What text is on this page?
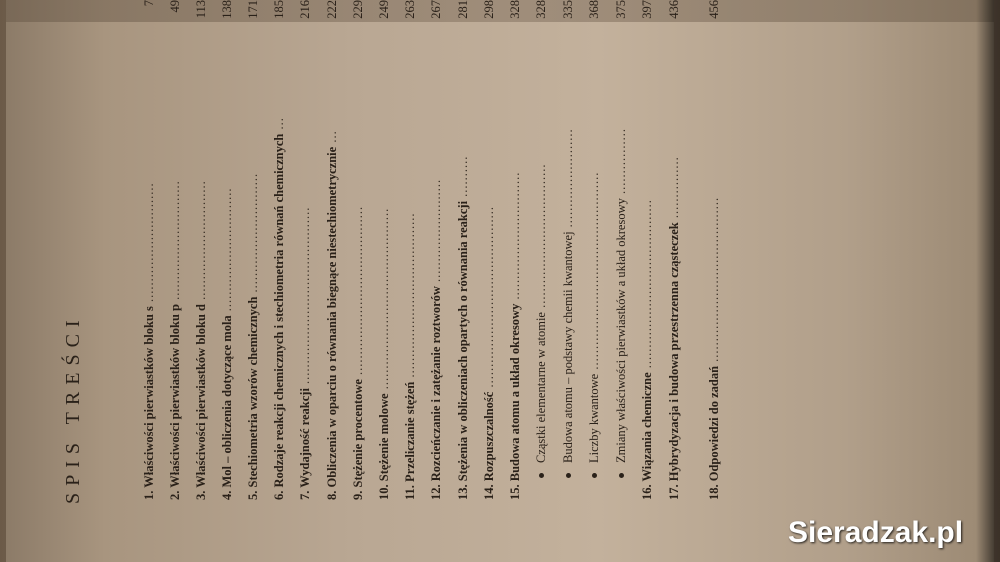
SPIS TREŚCI	1. Właściwości pierwiastków bloku s .............................
7
2. Właściwości pierwiastków bloku p .............................
49
3. Właściwości pierwiastków bloku d .............................
113
4. Mol – obliczenia dotyczące mola ..............................
138
5. Stechiometria wzorów chemicznych .............................
171
6. Rodzaje reakcji chemicznych i stechiometria równań chemicznych ...
185
7. Wydajność reakcji ...........................................
216
8. Obliczenia w oparciu o równania biegnące niestechiometrycznie ...
222
9. Stężenie procentowe .........................................
229
10. Stężenie molowe ............................................
249
11. Przeliczanie stężeń ........................................
263
12. Rozcieńczanie i zatężanie roztworów .........................
267
13. Stężenia w obliczeniach opartych o równania reakcji ..........
281
14. Rozpuszczalność ............................................
298
15. Budowa atomu a układ okresowy ...............................
328
Cząstki elementarne w atomie ...................................
328
Budowa atomu – podstawy chemii kwantowej ........................
335
Liczby kwantowe ................................................
368
Zmiany właściwości pierwiastków a układ okresowy ................
375
16. Wiązania chemiczne .........................................
397
17. Hybrydyzacja i budowa przestrzenna cząsteczek ...............
436
18. Odpowiedzi do zadań ........................................
456
Sieradzak.pl
